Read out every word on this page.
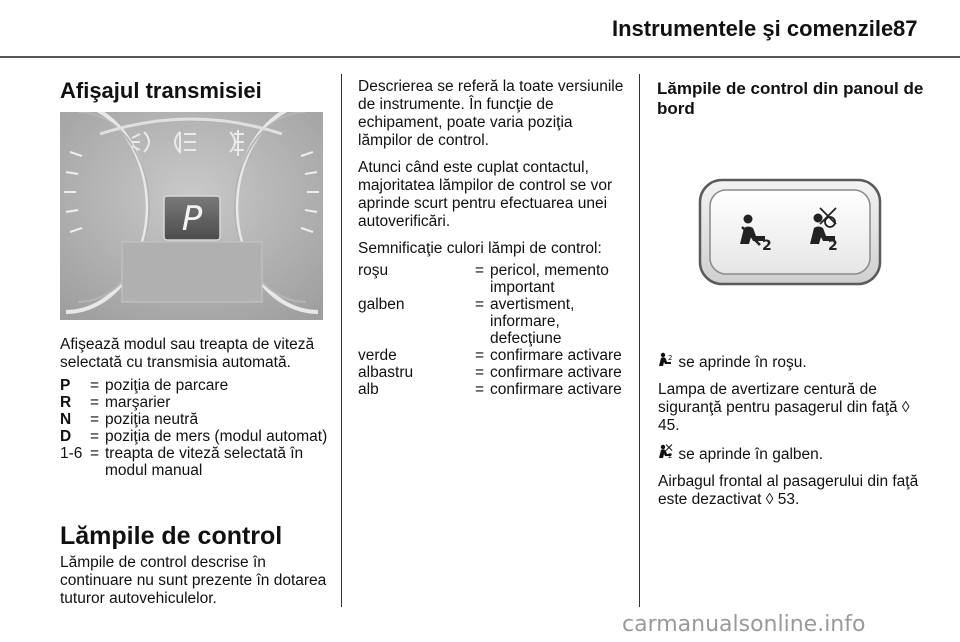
Instrumentele şi comenzile 87
Afişajul transmisiei
P

Afişează modul sau treapta de viteză selectată cu transmisia automată.

P	= poziţia de parcare
R	= marşarier
N	= poziţia neutră
D	= poziţia de mers (modul automat)
1-6 = treapta de viteză selectată în modul manual
Lămpile de control

Lămpile de control descrise în continuare nu sunt prezente în dotarea tuturor autovehiculelor.

Descrierea se referă la toate versiunile de instrumente. În funcţie de echipament, poate varia poziţia lămpilor de control.

Atunci când este cuplat contactul, majoritatea lămpilor de control se vor aprinde scurt pentru efectuarea unei autoverificări.

Semnificaţie culori lămpi de control:

roşu	= pericol, memento important
galben	= avertisment, informare, defecţiune
verde	= confirmare activare
albastru	= confirmare activare
alb	= confirmare activare
Lămpile de control din panoul de bord
2	2

2 se aprinde în roşu.

Lampa de avertizare centură de siguranţă pentru pasagerul din faţă ◊ 45.

2 se aprinde în galben.

Airbagul frontal al pasagerului din faţă este dezactivat ◊ 53.

carmanualsonline.info
